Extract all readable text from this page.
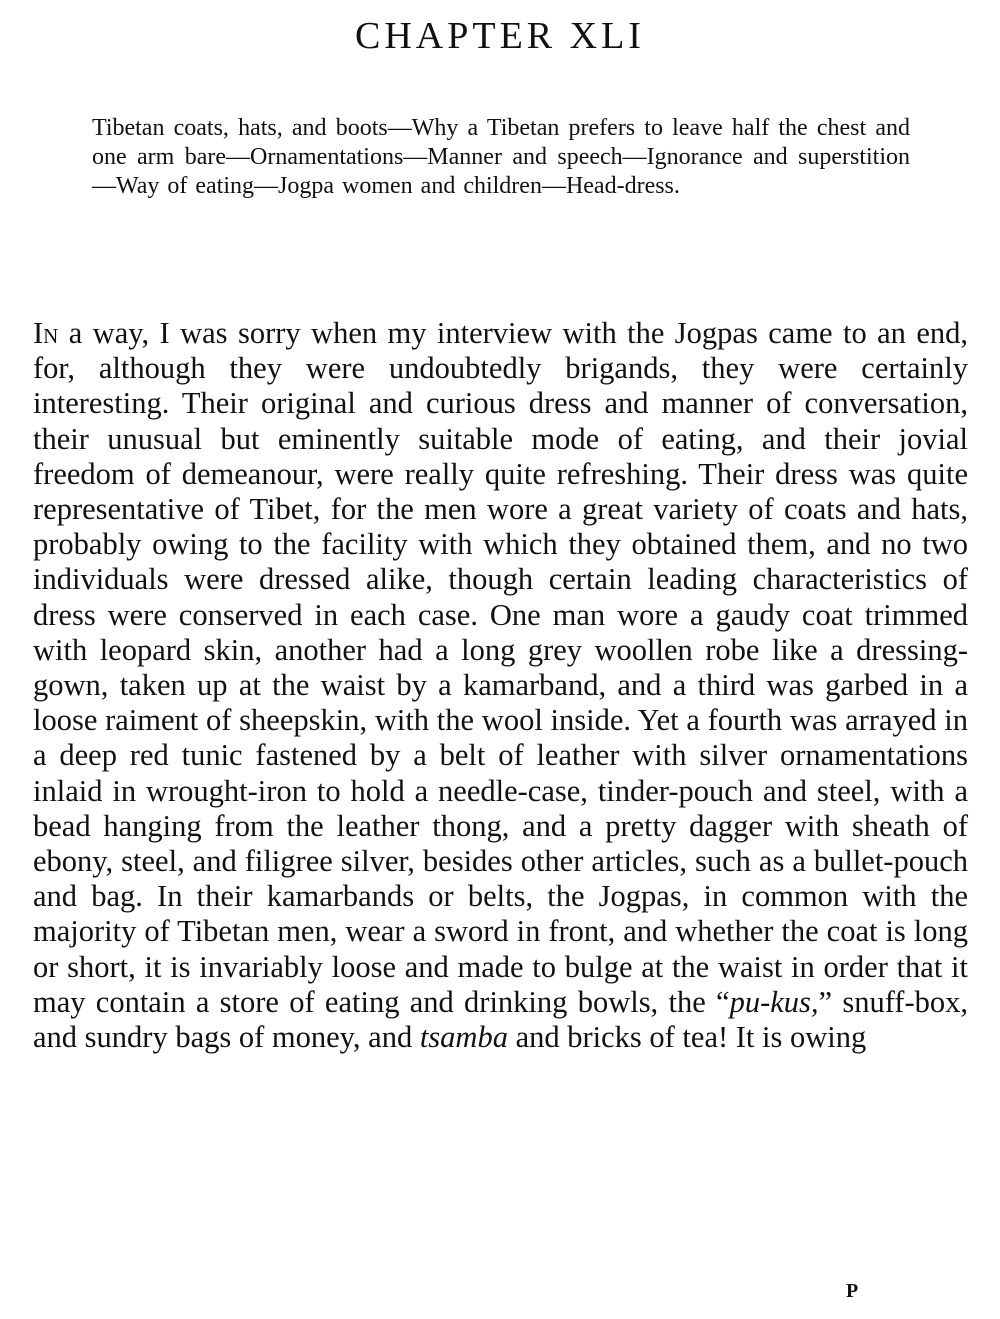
CHAPTER XLI

Tibetan coats, hats, and boots—Why a Tibetan prefers to leave half the chest and one arm bare—Ornamentations—Manner and speech—Ignorance and superstition—Way of eating—Jogpa women and children—Head-dress.

In a way, I was sorry when my interview with the Jogpas came to an end, for, although they were undoubtedly brigands, they were certainly interesting. Their original and curious dress and manner of conversation, their unusual but eminently suitable mode of eating, and their jovial freedom of demeanour, were really quite refreshing. Their dress was quite representative of Tibet, for the men wore a great variety of coats and hats, probably owing to the facility with which they obtained them, and no two individuals were dressed alike, though certain leading characteristics of dress were conserved in each case. One man wore a gaudy coat trimmed with leopard skin, another had a long grey woollen robe like a dressing-gown, taken up at the waist by a kamarband, and a third was garbed in a loose raiment of sheepskin, with the wool inside. Yet a fourth was arrayed in a deep red tunic fastened by a belt of leather with silver ornamentations inlaid in wrought-iron to hold a needle-case, tinder-pouch and steel, with a bead hanging from the leather thong, and a pretty dagger with sheath of ebony, steel, and filigree silver, besides other articles, such as a bullet-pouch and bag. In their kamarbands or belts, the Jogpas, in common with the majority of Tibetan men, wear a sword in front, and whether the coat is long or short, it is invariably loose and made to bulge at the waist in order that it may contain a store of eating and drinking bowls, the “pu-kus,” snuff-box, and sundry bags of money, and tsamba and bricks of tea! It is owing

P
